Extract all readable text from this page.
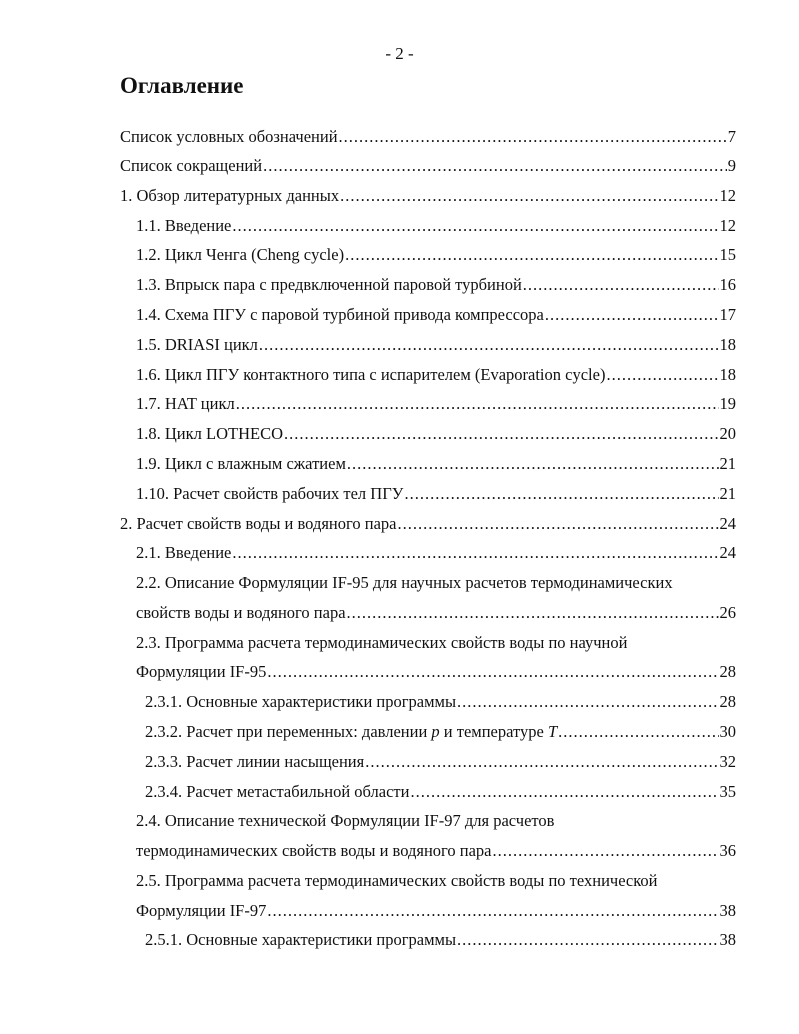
- 2 -
Оглавление
Список условных обозначений .....	7
Список сокращений .....	9
1. Обзор литературных данных .....	12
1.1. Введение .....	12
1.2. Цикл Ченга (Cheng cycle) .....	15
1.3. Впрыск пара с предвключенной паровой турбиной .....	16
1.4. Схема ПГУ с паровой турбиной привода компрессора .....	17
1.5. DRIASI цикл .....	18
1.6. Цикл ПГУ контактного типа с испарителем (Evaporation cycle) .....	18
1.7. HAT цикл .....	19
1.8. Цикл LOTHECO .....	20
1.9. Цикл с влажным сжатием .....	21
1.10. Расчет свойств рабочих тел ПГУ .....	21
2. Расчет свойств воды и водяного пара .....	24
2.1. Введение .....	24
2.2. Описание Формуляции IF-95 для научных расчетов термодинамических
свойств воды и водяного пара .....	26
2.3. Программа расчета термодинамических свойств воды по научной
Формуляции IF-95 .....	28
2.3.1. Основные характеристики программы .....	28
2.3.2. Расчет при переменных: давлении p и температуре T .....	30
2.3.3. Расчет линии насыщения .....	32
2.3.4. Расчет метастабильной области .....	35
2.4. Описание технической Формуляции IF-97 для расчетов
термодинамических свойств воды и водяного пара .....	36
2.5. Программа расчета термодинамических свойств воды по технической
Формуляции IF-97 .....	38
2.5.1. Основные характеристики программы .....	38
